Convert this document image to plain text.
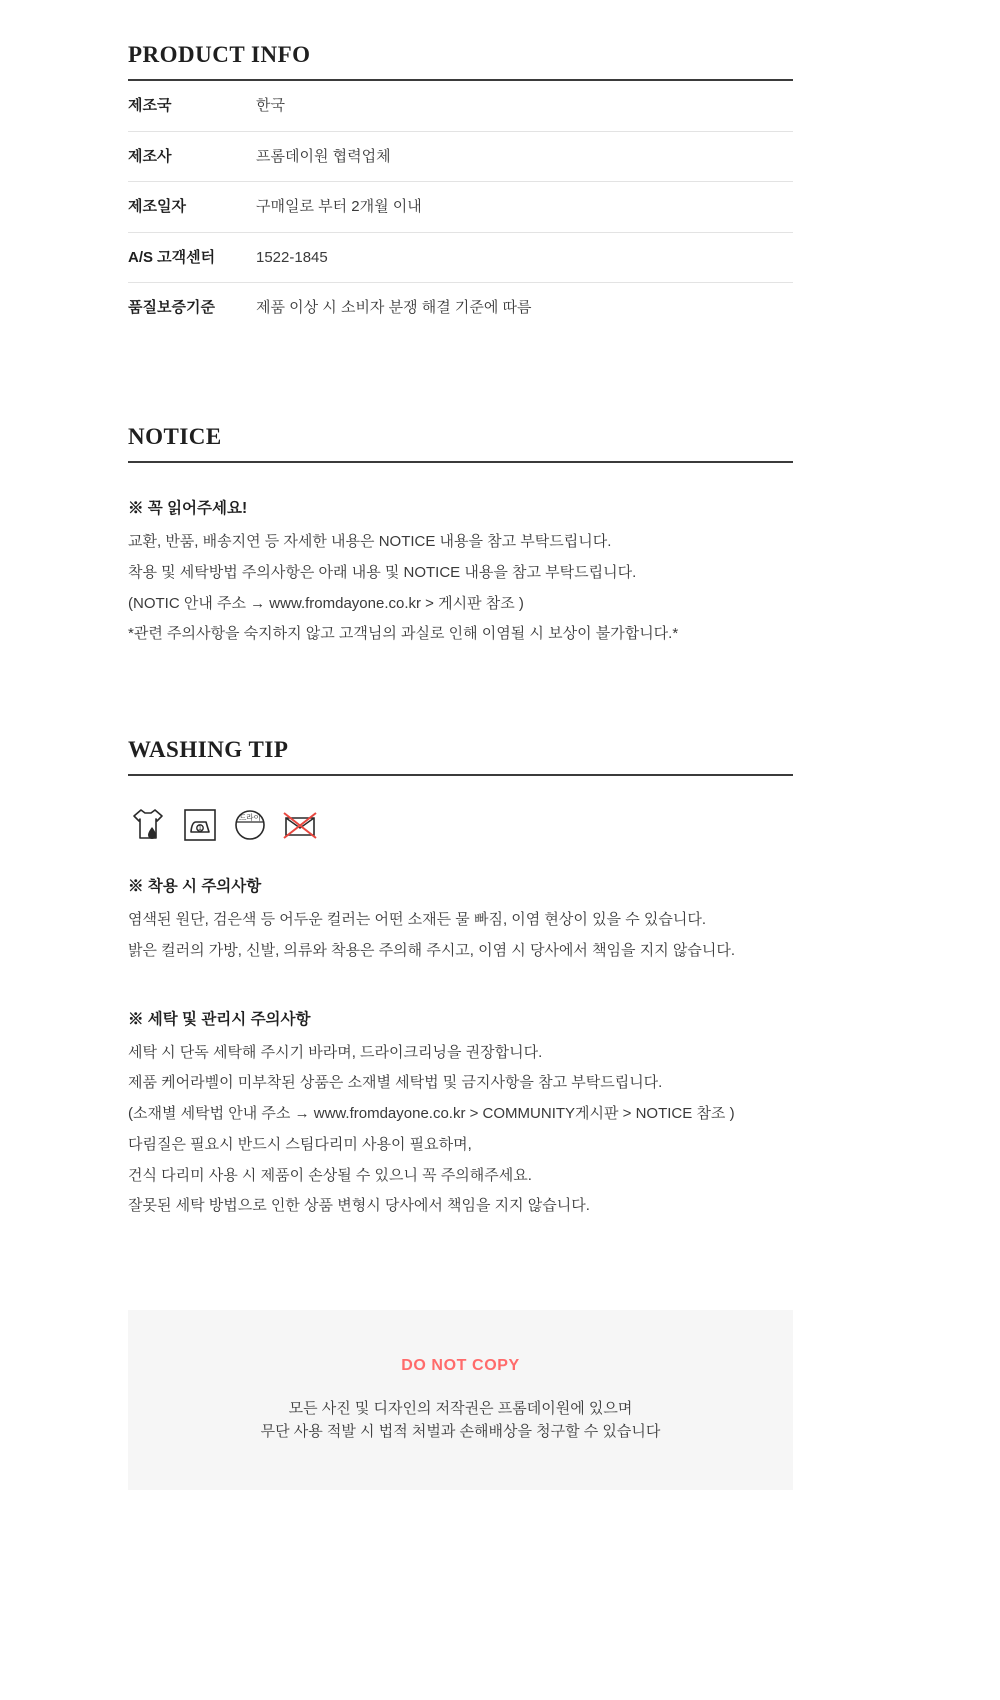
PRODUCT INFO
제조국	한국
제조사	프롬데이원 협력업체
제조일자	구매일로 부터 2개월 이내
A/S 고객센터	1522-1845
품질보증기준	제품 이상 시 소비자 분쟁 해결 기준에 따름
NOTICE
※ 꼭 읽어주세요!
교환, 반품, 배송지연 등 자세한 내용은 NOTICE 내용을 참고 부탁드립니다.
착용 및 세탁방법 주의사항은 아래 내용 및 NOTICE 내용을 참고 부탁드립니다.
(NOTIC 안내 주소 → www.fromdayone.co.kr > 게시판 참조 )
*관련 주의사항을 숙지하지 않고 고객님의 과실로 인해 이염될 시 보상이 불가합니다.*
WASHING TIP
1
드라이
※ 착용 시 주의사항
염색된 원단, 검은색 등 어두운 컬러는 어떤 소재든 물 빠짐, 이염 현상이 있을 수 있습니다.
밝은 컬러의 가방, 신발, 의류와 착용은 주의해 주시고, 이염 시 당사에서 책임을 지지 않습니다.
※ 세탁 및 관리시 주의사항
세탁 시 단독 세탁해 주시기 바라며, 드라이크리닝을 권장합니다.
제품 케어라벨이 미부착된 상품은 소재별 세탁법 및 금지사항을 참고 부탁드립니다.
(소재별 세탁법 안내 주소 → www.fromdayone.co.kr > COMMUNITY게시판 > NOTICE 참조 )
다림질은 필요시 반드시 스팀다리미 사용이 필요하며,
건식 다리미 사용 시 제품이 손상될 수 있으니 꼭 주의해주세요.
잘못된 세탁 방법으로 인한 상품 변형시 당사에서 책임을 지지 않습니다.
DO NOT COPY
모든 사진 및 디자인의 저작권은 프롬데이원에 있으며
무단 사용 적발 시 법적 처벌과 손해배상을 청구할 수 있습니다
